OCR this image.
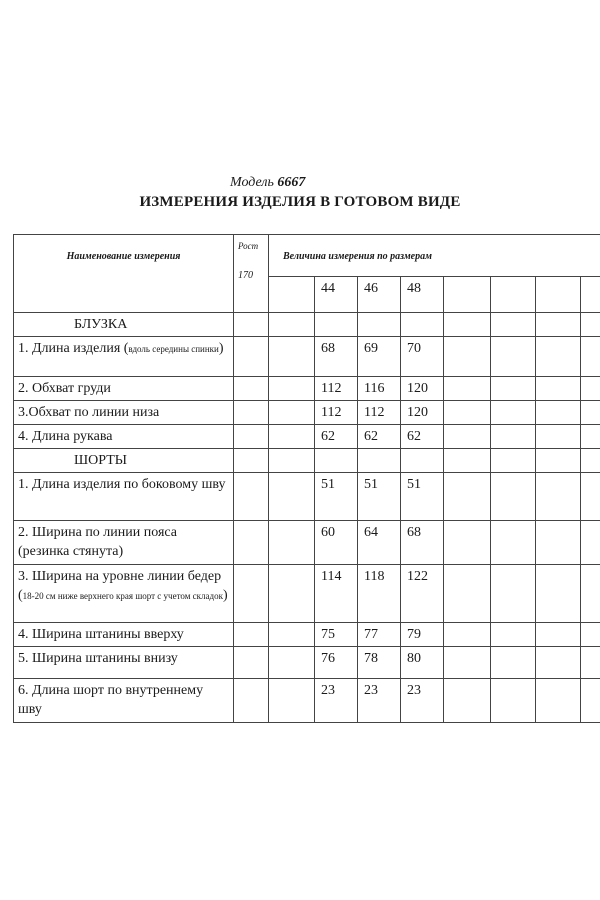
Модель 6667
ИЗМЕРЕНИЯ ИЗДЕЛИЯ В ГОТОВОМ ВИДЕ
Наименование измерения	Рост
170	Величина измерения по размерам							
			44	46	48				
БЛУЗКА									
1. Длина изделия (вдоль середины спинки)			68	69	70				
2. Обхват груди			112	116	120				
3.Обхват по линии низа			112	112	120				
4. Длина рукава			62	62	62				
ШОРТЫ									
1. Длина изделия по боковому шву			51	51	51				
2. Ширина по линии пояса (резинка стянута)			60	64	68				
3. Ширина на уровне линии бедер (18-20 см ниже верхнего края шорт с учетом складок)			114	118	122				
4. Ширина штанины вверху			75	77	79				
5. Ширина штанины внизу			76	78	80				
6. Длина шорт по внутреннему шву			23	23	23				
